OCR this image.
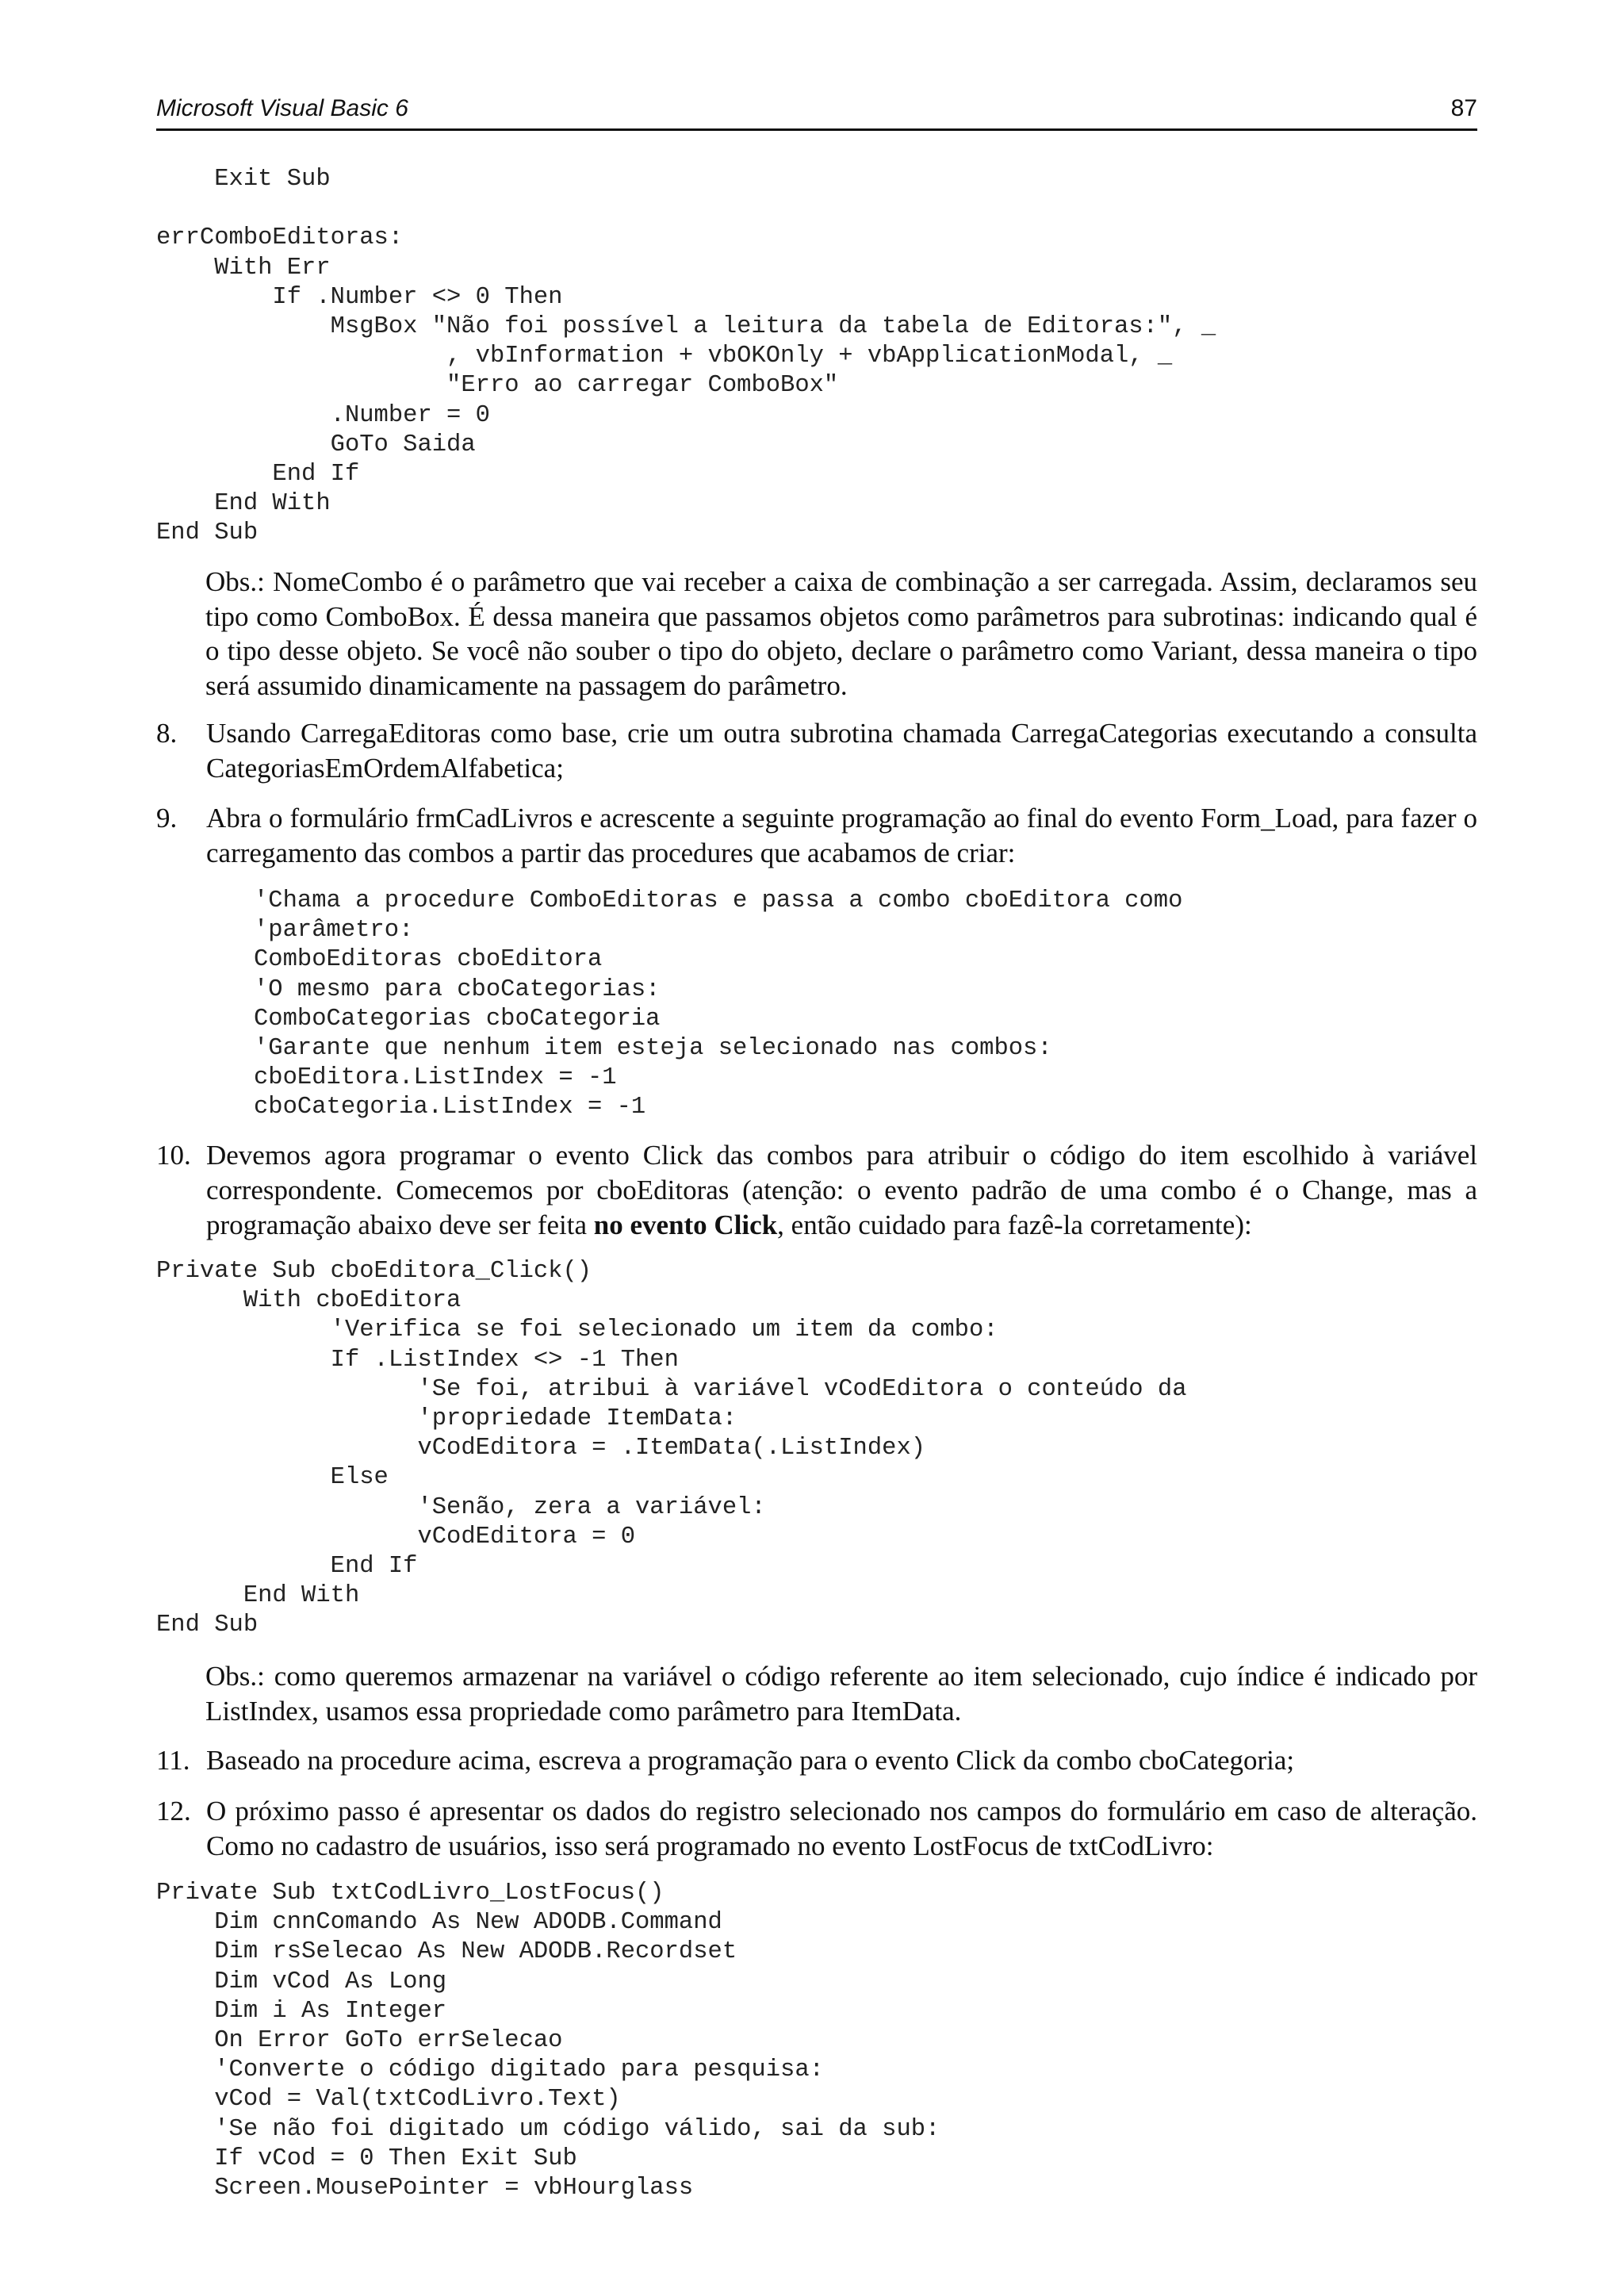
Microsoft Visual Basic 6	87
Exit Sub

errComboEditoras:
With Err
If .Number <> 0 Then
MsgBox "Não foi possível a leitura da tabela de Editoras:", _
, vbInformation + vbOKOnly + vbApplicationModal, _
"Erro ao carregar ComboBox"
.Number = 0
GoTo Saida
End If
End With
End Sub
Obs.: NomeCombo é o parâmetro que vai receber a caixa de combinação a ser carregada. Assim, declaramos seu tipo como ComboBox. É dessa maneira que passamos objetos como parâmetros para subrotinas: indicando qual é o tipo desse objeto. Se você não souber o tipo do objeto, declare o parâmetro como Variant, dessa maneira o tipo será assumido dinamicamente na passagem do parâmetro.
8. Usando CarregaEditoras como base, crie um outra subrotina chamada CarregaCategorias executando a consulta CategoriasEmOrdemAlfabetica;
9. Abra o formulário frmCadLivros e acrescente a seguinte programação ao final do evento Form_Load, para fazer o carregamento das combos a partir das procedures que acabamos de criar:
'Chama a procedure ComboEditoras e passa a combo cboEditora como
'parâmetro:
ComboEditoras cboEditora
'O mesmo para cboCategorias:
ComboCategorias cboCategoria
'Garante que nenhum item esteja selecionado nas combos:
cboEditora.ListIndex = -1
cboCategoria.ListIndex = -1
10. Devemos agora programar o evento Click das combos para atribuir o código do item escolhido à variável correspondente. Comecemos por cboEditoras (atenção: o evento padrão de uma combo é o Change, mas a programação abaixo deve ser feita no evento Click, então cuidado para fazê-la corretamente):
Private Sub cboEditora_Click()
With cboEditora
'Verifica se foi selecionado um item da combo:
If .ListIndex <> -1 Then
'Se foi, atribui à variável vCodEditora o conteúdo da
'propriedade ItemData:
vCodEditora = .ItemData(.ListIndex)
Else
'Senão, zera a variável:
vCodEditora = 0
End If
End With
End Sub
Obs.: como queremos armazenar na variável o código referente ao item selecionado, cujo índice é indicado por ListIndex, usamos essa propriedade como parâmetro para ItemData.
11. Baseado na procedure acima, escreva a programação para o evento Click da combo cboCategoria;
12. O próximo passo é apresentar os dados do registro selecionado nos campos do formulário em caso de alteração. Como no cadastro de usuários, isso será programado no evento LostFocus de txtCodLivro:
Private Sub txtCodLivro_LostFocus()
Dim cnnComando As New ADODB.Command
Dim rsSelecao As New ADODB.Recordset
Dim vCod As Long
Dim i As Integer
On Error GoTo errSelecao
'Converte o código digitado para pesquisa:
vCod = Val(txtCodLivro.Text)
'Se não foi digitado um código válido, sai da sub:
If vCod = 0 Then Exit Sub
Screen.MousePointer = vbHourglass
